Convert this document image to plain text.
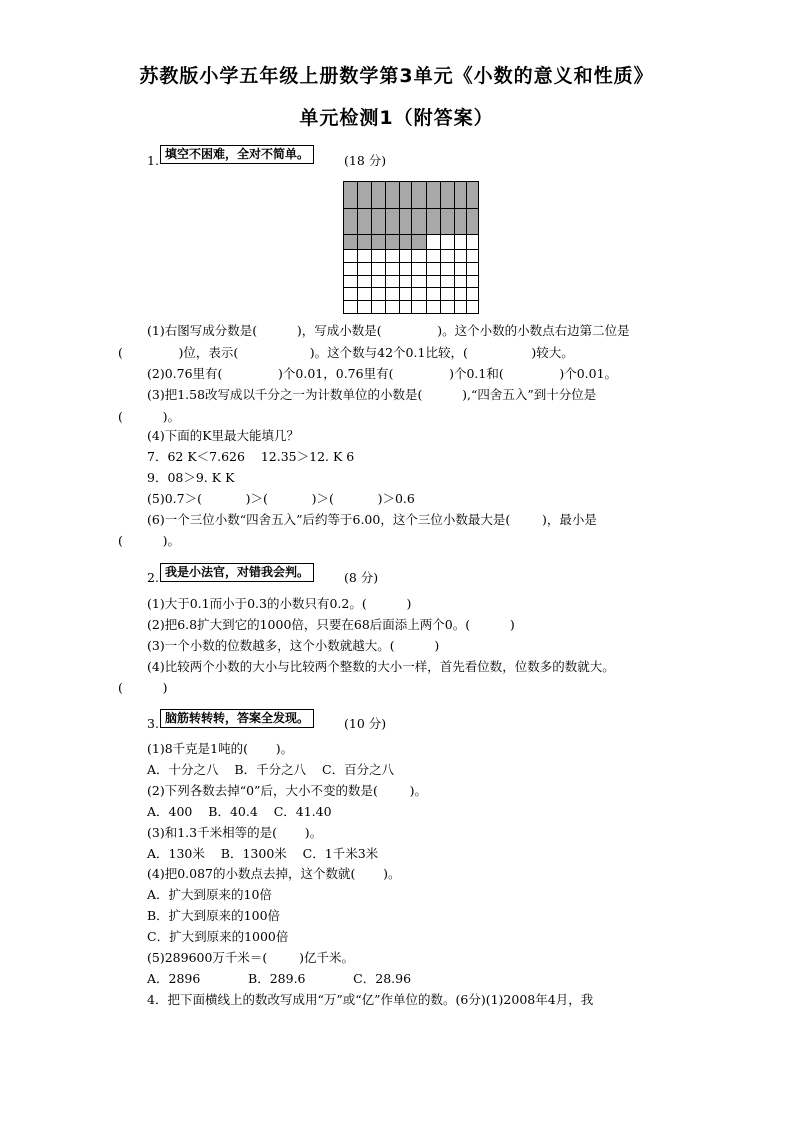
苏教版小学五年级上册数学第3单元《小数的意义和性质》
单元检测1（附答案）
1. 填空不困难，全对不简单。	(18 分)
(1)右图写成分数是(          )，写成小数是(              )。这个小数的小数点右边第二位是
(              )位，表示(                  )。这个数与42个0.1比较，(                )较大。
(2)0.76里有(              )个0.01，0.76里有(              )个0.1和(              )个0.01。
(3)把1.58改写成以千分之一为计数单位的小数是(          ),“四舍五入”到十分位是
(          )。
(4)下面的K里最大能填几？
7．62 K＜7.626    12.35＞12. K 6
9．08＞9. K K
(5)0.7＞(           )＞(           )＞(           )＞0.6
(6)一个三位小数“四舍五入”后约等于6.00，这个三位小数最大是(        )，最小是
(          )。
2. 我是小法官，对错我会判。	(8 分)
(1)大于0.1而小于0.3的小数只有0.2。(          )
(2)把6.8扩大到它的1000倍，只要在68后面添上两个0。(          )
(3)一个小数的位数越多，这个小数就越大。(          )
(4)比较两个小数的大小与比较两个整数的大小一样，首先看位数，位数多的数就大。
(          )
3. 脑筋转转转，答案全发现。	(10 分)
(1)8千克是1吨的(       )。
A．十分之八    B．千分之八    C．百分之八
(2)下列各数去掉“0”后，大小不变的数是(        )。
A．400    B．40.4    C．41.40
(3)和1.3千米相等的是(       )。
A．130米    B．1300米    C．1千米3米
(4)把0.087的小数点去掉，这个数就(       )。
A．扩大到原来的10倍
B．扩大到原来的100倍
C．扩大到原来的1000倍
(5)289600万千米＝(        )亿千米。
A．2896            B．289.6            C．28.96
4．把下面横线上的数改写成用“万”或“亿”作单位的数。(6分)(1)2008年4月，我
